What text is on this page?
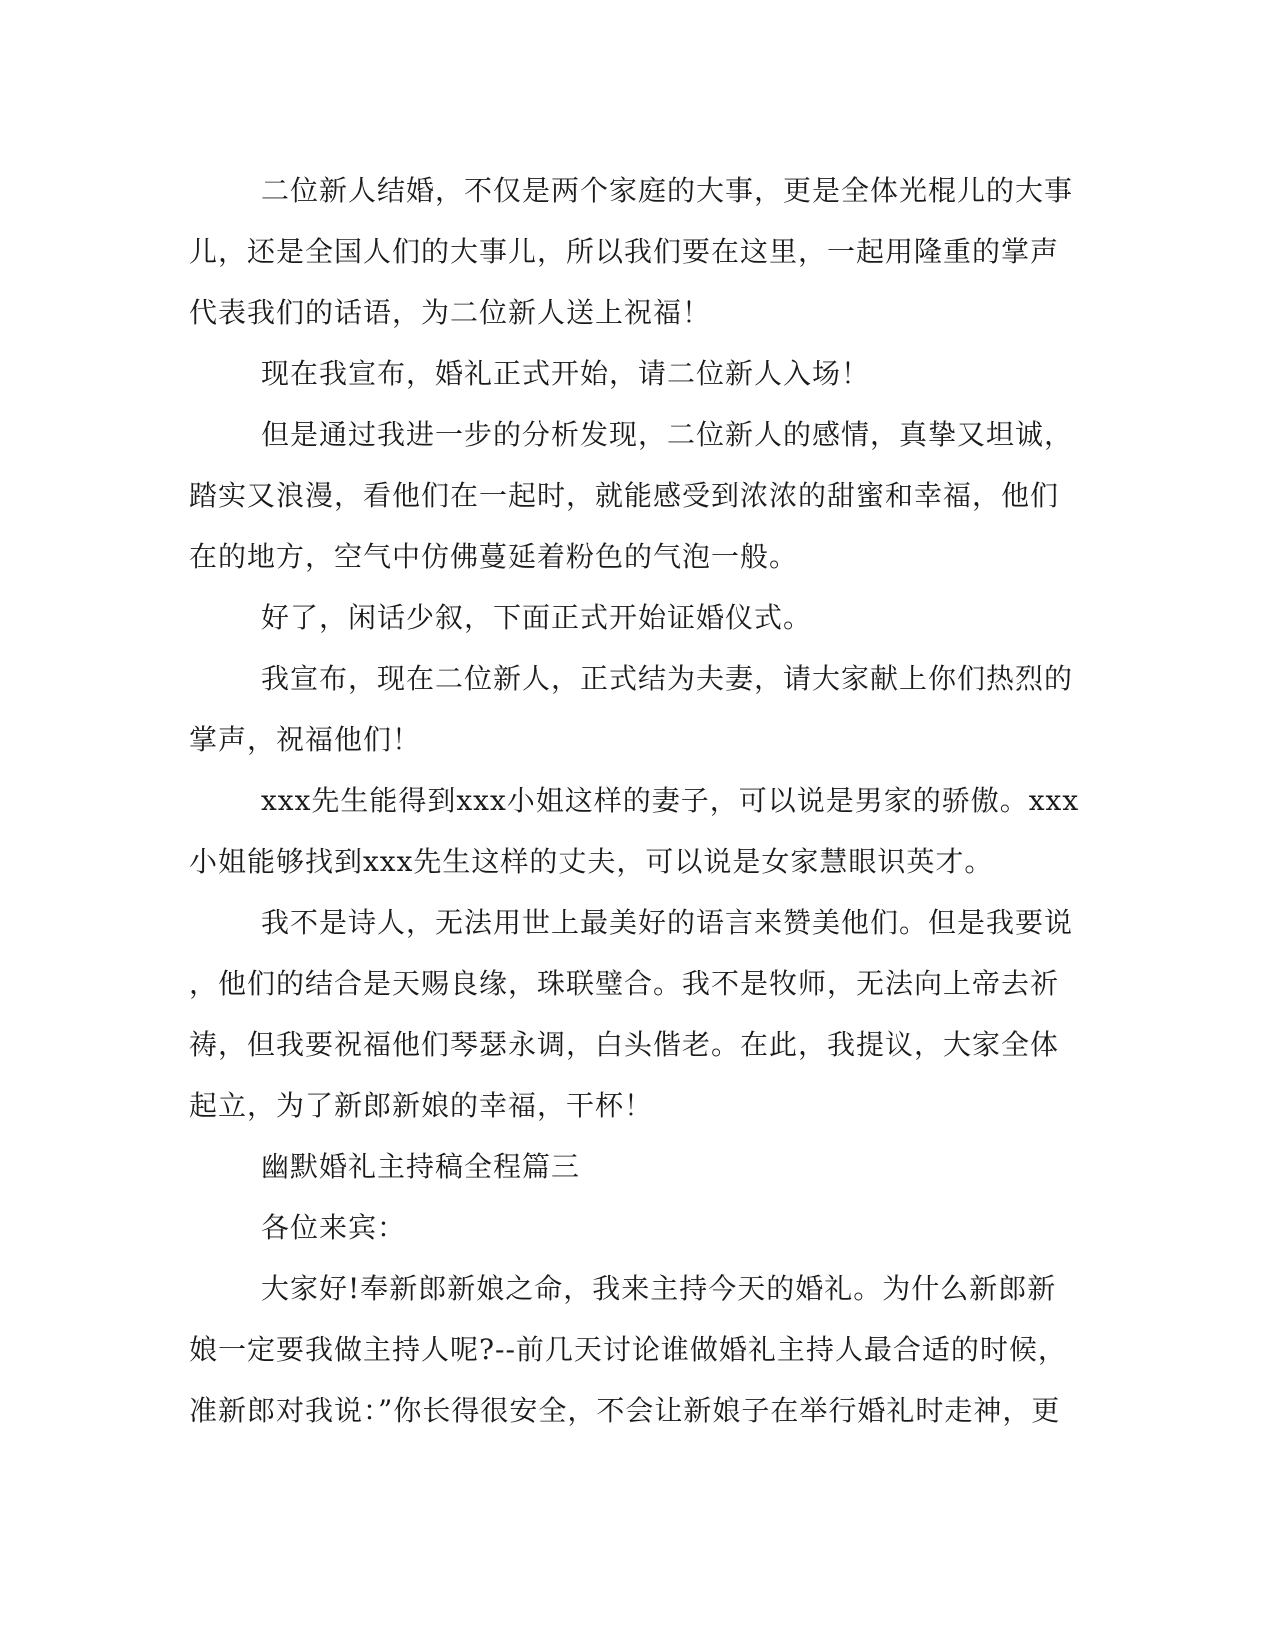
二位新人结婚，不仅是两个家庭的大事，更是全体光棍儿的大事
儿，还是全国人们的大事儿，所以我们要在这里，一起用隆重的掌声
代表我们的话语，为二位新人送上祝福！

现在我宣布，婚礼正式开始，请二位新人入场！

但是通过我进一步的分析发现，二位新人的感情，真挚又坦诚，
踏实又浪漫，看他们在一起时，就能感受到浓浓的甜蜜和幸福，他们
在的地方，空气中仿佛蔓延着粉色的气泡一般。

好了，闲话少叙，下面正式开始证婚仪式。

我宣布，现在二位新人，正式结为夫妻，请大家献上你们热烈的
掌声，祝福他们！

xxx先生能得到xxx小姐这样的妻子，可以说是男家的骄傲。xxx
小姐能够找到xxx先生这样的丈夫，可以说是女家慧眼识英才。

我不是诗人，无法用世上最美好的语言来赞美他们。但是我要说
，他们的结合是天赐良缘，珠联璧合。我不是牧师，无法向上帝去祈
祷，但我要祝福他们琴瑟永调，白头偕老。在此，我提议，大家全体
起立，为了新郎新娘的幸福，干杯！

幽默婚礼主持稿全程篇三

各位来宾：

大家好!奉新郎新娘之命，我来主持今天的婚礼。为什么新郎新
娘一定要我做主持人呢?--前几天讨论谁做婚礼主持人最合适的时候，
准新郎对我说：”你长得很安全，不会让新娘子在举行婚礼时走神，更
